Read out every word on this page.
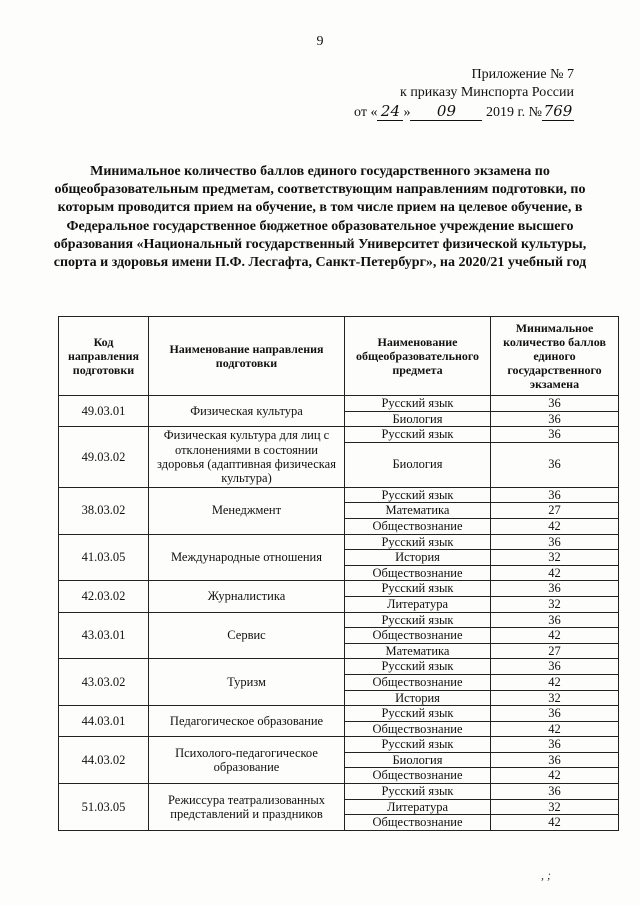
9
Приложение № 7
к приказу Минспорта России
от « 24 » 09 2019 г. № 769
Минимальное количество баллов единого государственного экзамена по общеобразовательным предметам, соответствующим направлениям подготовки, по которым проводится прием на обучение, в том числе прием на целевое обучение, в Федеральное государственное бюджетное образовательное учреждение высшего образования «Национальный государственный Университет физической культуры, спорта и здоровья имени П.Ф. Лесгафта, Санкт-Петербург», на 2020/21 учебный год
Код направления подготовки	Наименование направления подготовки	Наименование общеобразовательного предмета	Минимальное количество баллов единого государственного экзамена
49.03.01	Физическая культура	Русский язык	36
		Биология	36
49.03.02	Физическая культура для лиц с отклонениями в состоянии здоровья (адаптивная физическая культура)	Русский язык	36
		Биология	36
38.03.02	Менеджмент	Русский язык	36
		Математика	27
		Обществознание	42
41.03.05	Международные отношения	Русский язык	36
		История	32
		Обществознание	42
42.03.02	Журналистика	Русский язык	36
		Литература	32
43.03.01	Сервис	Русский язык	36
		Обществознание	42
		Математика	27
43.03.02	Туризм	Русский язык	36
		Обществознание	42
		История	32
44.03.01	Педагогическое образование	Русский язык	36
		Обществознание	42
44.03.02	Психолого-педагогическое образование	Русский язык	36
		Биология	36
		Обществознание	42
51.03.05	Режиссура театрализованных представлений и праздников	Русский язык	36
		Литература	32
		Обществознание	42
, ;
